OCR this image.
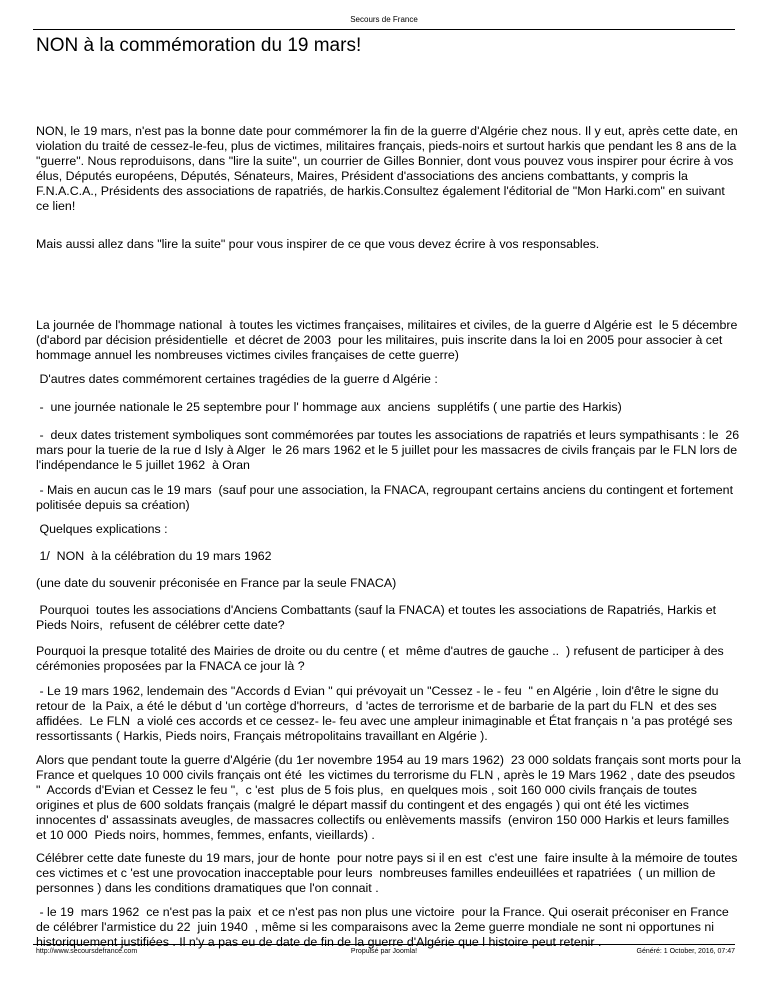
Secours de France
NON à la commémoration du 19 mars!

NON, le 19 mars, n'est pas la bonne date pour commémorer la fin de la guerre d'Algérie chez nous. Il y eut, après cette date, en violation du traité de cessez-le-feu, plus de victimes, militaires français, pieds-noirs et surtout harkis que pendant les 8 ans de la "guerre". Nous reproduisons, dans "lire la suite", un courrier de Gilles Bonnier, dont vous pouvez vous inspirer pour écrire à vos élus, Députés européens, Députés, Sénateurs, Maires, Président d'associations des anciens combattants, y compris la F.N.A.C.A., Présidents des associations de rapatriés, de harkis.Consultez également l'éditorial de "Mon Harki.com" en suivant ce lien!

Mais aussi allez dans "lire la suite" pour vous inspirer de ce que vous devez écrire à vos responsables.

La journée de l'hommage national  à toutes les victimes françaises, militaires et civiles, de la guerre d Algérie est  le 5 décembre  (d'abord par décision présidentielle  et décret de 2003  pour les militaires, puis inscrite dans la loi en 2005 pour associer à cet hommage annuel les nombreuses victimes civiles françaises de cette guerre)

D'autres dates commémorent certaines tragédies de la guerre d Algérie :

-  une journée nationale le 25 septembre pour l' hommage aux  anciens  supplétifs ( une partie des Harkis)

-  deux dates tristement symboliques sont commémorées par toutes les associations de rapatriés et leurs sympathisants : le  26 mars pour la tuerie de la rue d Isly à Alger  le 26 mars 1962 et le 5 juillet pour les massacres de civils français par le FLN lors de l'indépendance le 5 juillet 1962  à Oran

- Mais en aucun cas le 19 mars  (sauf pour une association, la FNACA, regroupant certains anciens du contingent et fortement politisée depuis sa création)

Quelques explications :

1/  NON  à la célébration du 19 mars 1962

(une date du souvenir préconisée en France par la seule FNACA)

Pourquoi  toutes les associations d'Anciens Combattants (sauf la FNACA) et toutes les associations de Rapatriés, Harkis et Pieds Noirs,  refusent de célébrer cette date?

Pourquoi la presque totalité des Mairies de droite ou du centre ( et  même d'autres de gauche ..  ) refusent de participer à des cérémonies proposées par la FNACA ce jour là ?

- Le 19 mars 1962, lendemain des "Accords d Evian " qui prévoyait un "Cessez - le - feu  " en Algérie , loin d'être le signe du retour de  la Paix, a été le début d 'un cortège d'horreurs,  d 'actes de terrorisme et de barbarie de la part du FLN  et des ses affidées.  Le FLN  a violé ces accords et ce cessez- le- feu avec une ampleur inimaginable et État français n 'a pas protégé ses ressortissants ( Harkis, Pieds noirs, Français métropolitains travaillant en Algérie ).

Alors que pendant toute la guerre d'Algérie (du 1er novembre 1954 au 19 mars 1962)  23 000 soldats français sont morts pour la France et quelques 10 000 civils français ont été  les victimes du terrorisme du FLN , après le 19 Mars 1962 , date des pseudos "  Accords d'Evian et Cessez le feu ",  c 'est  plus de 5 fois plus,  en quelques mois , soit 160 000 civils français de toutes origines et plus de 600 soldats français (malgré le départ massif du contingent et des engagés ) qui ont été les victimes innocentes d' assassinats aveugles, de massacres collectifs ou enlèvements massifs  (environ 150 000 Harkis et leurs familles et 10 000  Pieds noirs, hommes, femmes, enfants, vieillards) .

Célébrer cette date funeste du 19 mars, jour de honte  pour notre pays si il en est  c'est une  faire insulte à la mémoire de toutes ces victimes et c 'est une provocation inacceptable pour leurs  nombreuses familles endeuillées et rapatriées  ( un million de personnes ) dans les conditions dramatiques que l'on connait .

- le 19  mars 1962  ce n'est pas la paix  et ce n'est pas non plus une victoire  pour la France. Qui oserait préconiser en France de célébrer l'armistice du 22  juin 1940  , même si les comparaisons avec la 2eme guerre mondiale ne sont ni opportunes ni historiquement justifiées . Il n'y a pas eu de date de fin de la guerre d'Algérie que l histoire peut retenir .

http://www.secoursdefrance.com	Propulsé par Joomla!	Généré: 1 October, 2016, 07:47
